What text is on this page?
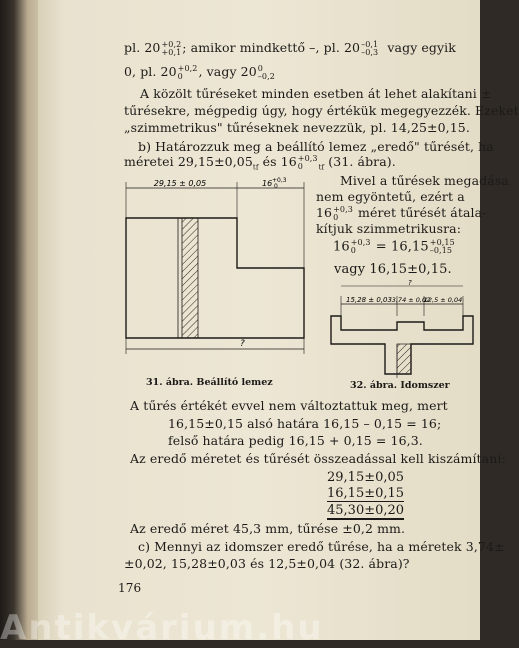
pl. 20 +0,2
+0,1 ; amikor mindkettő –, pl. 20 –0,1
–0,3 vagy egyik
0, pl. 20 +0,2
0	, vagy 20 0
–0,2
A közölt tűréseket minden esetben át lehet alakítani ±
tűrésekre, mégpedig úgy, hogy értékük megegyezzék. Ezeket
„szimmetrikus" tűréseknek nevezzük, pl. 14,25±0,15.
b) Határozzuk meg a beállító lemez „eredő" tűrését, ha
méretei $29,15\pm 0,05_{tf}$ és 16 +0,3
0	$_{tf}$ (31. ábra).
Mivel a tűrések megadása
nem egyöntetű, ezért a
16 +0,3
0	méret tűrését átala-
kítjuk szimmetrikusra:
16 +0,3
0	= 16,15 +0,15
–0,15
vagy 16,15±0,15.
29,15 ± 0,05	16 +0,3
0
?
31. ábra. Beállító lemez
15,28 ± 0,03 3,74 ± 0,02
12,5 ± 0,04
?
32. ábra. Idomszer
A tűrés értékét evvel nem változtattuk meg, mert
16,15±0,15 alsó határa 16,15 – 0,15 = 16;
felső határa pedig 16,15 + 0,15 = 16,3.
Az eredő méretet és tűrését összeadással kell kiszámítani:
29,15±0,05
16,15±0,15
45,30±0,20
Az eredő méret 45,3 mm, tűrése ±0,2 mm.
c) Mennyi az idomszer eredő tűrése, ha a méretek 3,74±
±0,02, 15,28±0,03 és 12,5±0,04 (32. ábra)?
176
Antikvárium.hu
